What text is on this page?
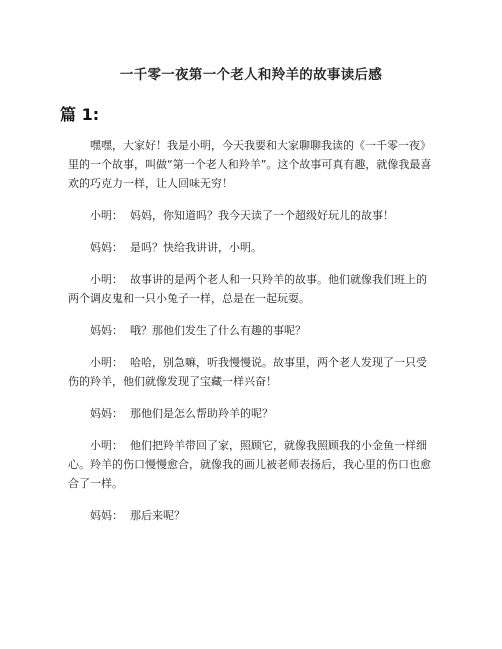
一千零一夜第一个老人和羚羊的故事读后感
篇 1:

嘿嘿，大家好！我是小明，今天我要和大家聊聊我读的《一千零一夜》里的一个故事，叫做“第一个老人和羚羊”。这个故事可真有趣，就像我最喜欢的巧克力一样，让人回味无穷！

小明： 妈妈，你知道吗？我今天读了一个超级好玩儿的故事！
妈妈： 是吗？快给我讲讲，小明。
小明： 故事讲的是两个老人和一只羚羊的故事。他们就像我们班上的两个调皮鬼和一只小兔子一样，总是在一起玩耍。
妈妈： 哦？那他们发生了什么有趣的事呢？
小明： 哈哈，别急嘛，听我慢慢说。故事里，两个老人发现了一只受伤的羚羊，他们就像发现了宝藏一样兴奋！
妈妈： 那他们是怎么帮助羚羊的呢？
小明： 他们把羚羊带回了家，照顾它，就像我照顾我的小金鱼一样细心。羚羊的伤口慢慢愈合，就像我的画儿被老师表扬后，我心里的伤口也愈合了一样。
妈妈： 那后来呢？
